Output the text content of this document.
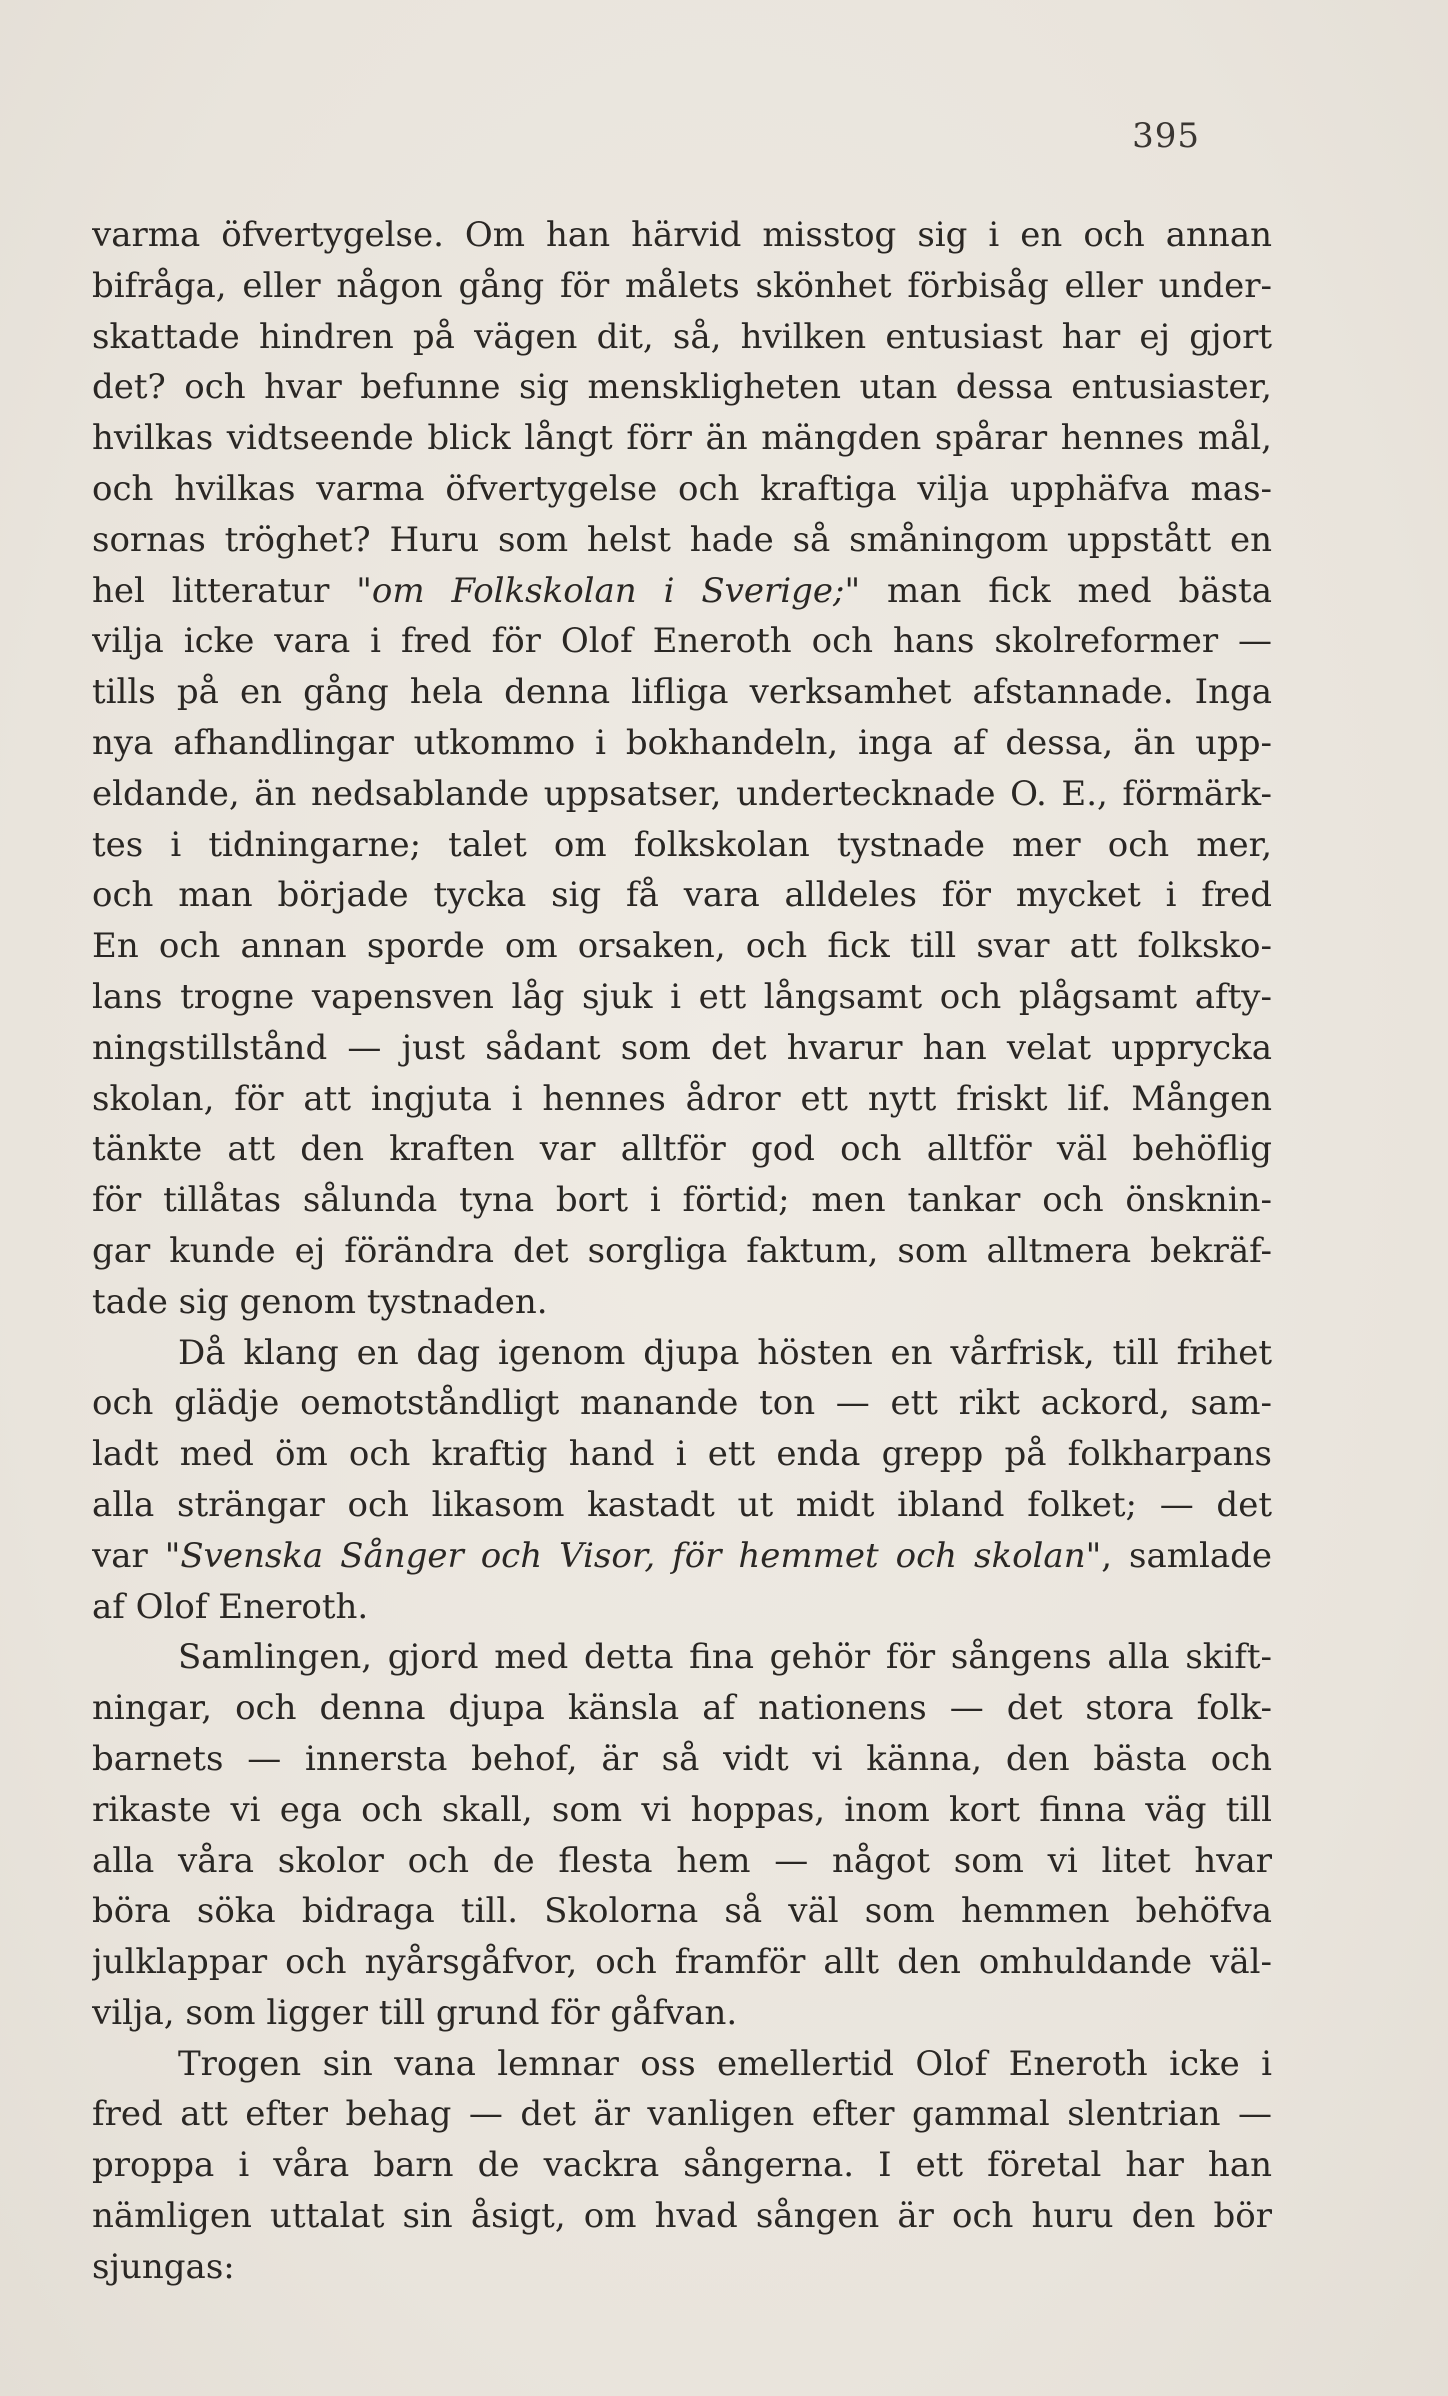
395
varma öfvertygelse. Om han härvid misstog sig i en och annan
bifråga, eller någon gång för målets skönhet förbisåg eller under-
skattade hindren på vägen dit, så, hvilken entusiast har ej gjort
det? och hvar befunne sig menskligheten utan dessa entusiaster,
hvilkas vidtseende blick långt förr än mängden spårar hennes mål,
och hvilkas varma öfvertygelse och kraftiga vilja upphäfva mas-
sornas tröghet? Huru som helst hade så småningom uppstått en
hel litteratur "om Folkskolan i Sverige;" man fick med bästa
vilja icke vara i fred för Olof Eneroth och hans skolreformer —
tills på en gång hela denna lifliga verksamhet afstannade. Inga
nya afhandlingar utkommo i bokhandeln, inga af dessa, än upp-
eldande, än nedsablande uppsatser, undertecknade O. E., förmärk-
tes i tidningarne; talet om folkskolan tystnade mer och mer,
och man började tycka sig få vara alldeles för mycket i fred
En och annan sporde om orsaken, och fick till svar att folksko-
lans trogne vapensven låg sjuk i ett långsamt och plågsamt afty-
ningstillstånd — just sådant som det hvarur han velat upprycka
skolan, för att ingjuta i hennes ådror ett nytt friskt lif. Mången
tänkte att den kraften var alltför god och alltför väl behöflig
för tillåtas sålunda tyna bort i förtid; men tankar och önsknin-
gar kunde ej förändra det sorgliga faktum, som alltmera bekräf-
tade sig genom tystnaden.
Då klang en dag igenom djupa hösten en vårfrisk, till frihet
och glädje oemotståndligt manande ton — ett rikt ackord, sam-
ladt med öm och kraftig hand i ett enda grepp på folkharpans
alla strängar och likasom kastadt ut midt ibland folket; — det
var "Svenska Sånger och Visor, för hemmet och skolan", samlade
af Olof Eneroth.
Samlingen, gjord med detta fina gehör för sångens alla skift-
ningar, och denna djupa känsla af nationens — det stora folk-
barnets — innersta behof, är så vidt vi känna, den bästa och
rikaste vi ega och skall, som vi hoppas, inom kort finna väg till
alla våra skolor och de flesta hem — något som vi litet hvar
böra söka bidraga till. Skolorna så väl som hemmen behöfva
julklappar och nyårsgåfvor, och framför allt den omhuldande väl-
vilja, som ligger till grund för gåfvan.
Trogen sin vana lemnar oss emellertid Olof Eneroth icke i
fred att efter behag — det är vanligen efter gammal slentrian —
proppa i våra barn de vackra sångerna. I ett företal har han
nämligen uttalat sin åsigt, om hvad sången är och huru den bör
sjungas:
